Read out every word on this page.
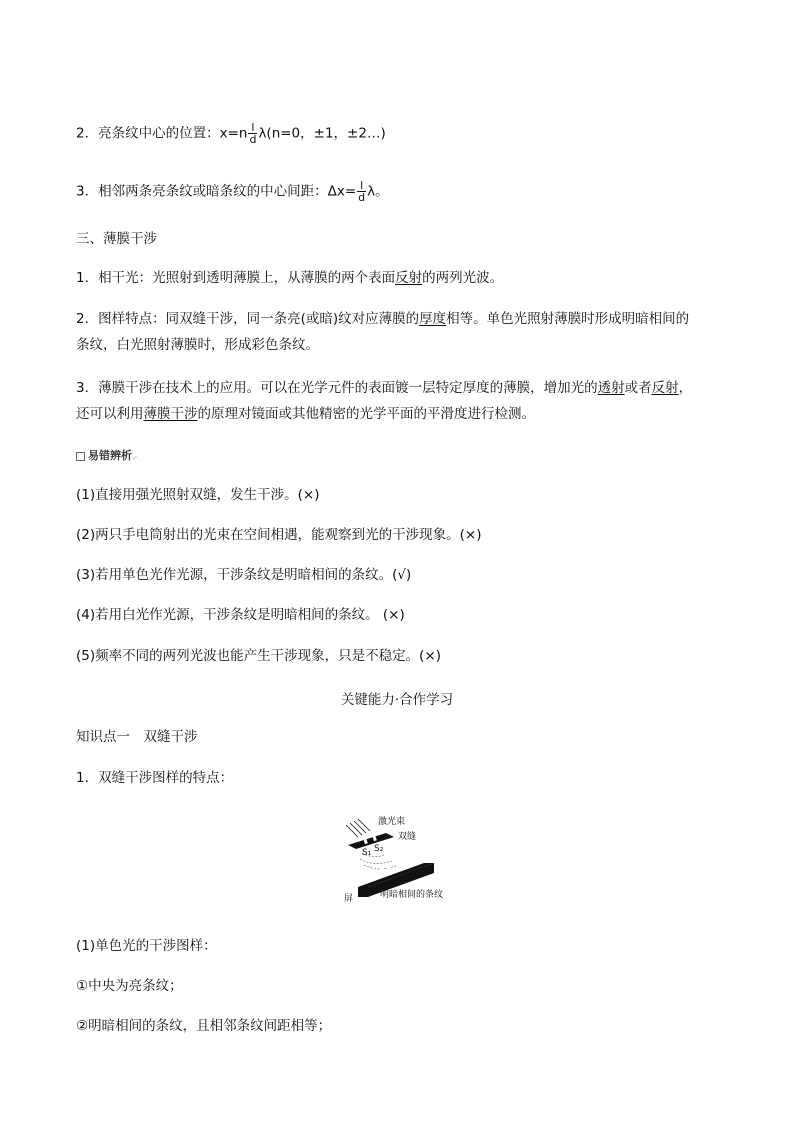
2．亮条纹中心的位置：$x=n \frac{l}{d} \lambda(n=0$，±1，±2…)
3．相邻两条亮条纹或暗条纹的中心间距：$\Delta x= \frac{l}{d}$ λ。
三、薄膜干涉
1．相干光：光照射到透明薄膜上，从薄膜的两个表面反射的两列光波。
2．图样特点：同双缝干涉，同一条亮(或暗)纹对应薄膜的厚度相等。单色光照射薄膜时形成明暗相间的
条纹，白光照射薄膜时，形成彩色条纹。
3．薄膜干涉在技术上的应用。可以在光学元件的表面镀一层特定厚度的薄膜，增加光的透射或者反射，
还可以利用薄膜干涉的原理对镜面或其他精密的光学平面的平滑度进行检测。
易错辨析⸝
(1)直接用强光照射双缝，发生干涉。(×)
(2)两只手电筒射出的光束在空间相遇，能观察到光的干涉现象。(×)
(3)若用单色光作光源，干涉条纹是明暗相间的条纹。(√)
(4)若用白光作光源，干涉条纹是明暗相间的条纹。 (×)
(5)频率不同的两列光波也能产生干涉现象，只是不稳定。(×)
关键能力·合作学习
知识点一　双缝干涉
1．双缝干涉图样的特点：
激光束
双缝
S₁ S₂
屏	明暗相间的条纹
(1)单色光的干涉图样：
①中央为亮条纹；
②明暗相间的条纹，且相邻条纹间距相等；
